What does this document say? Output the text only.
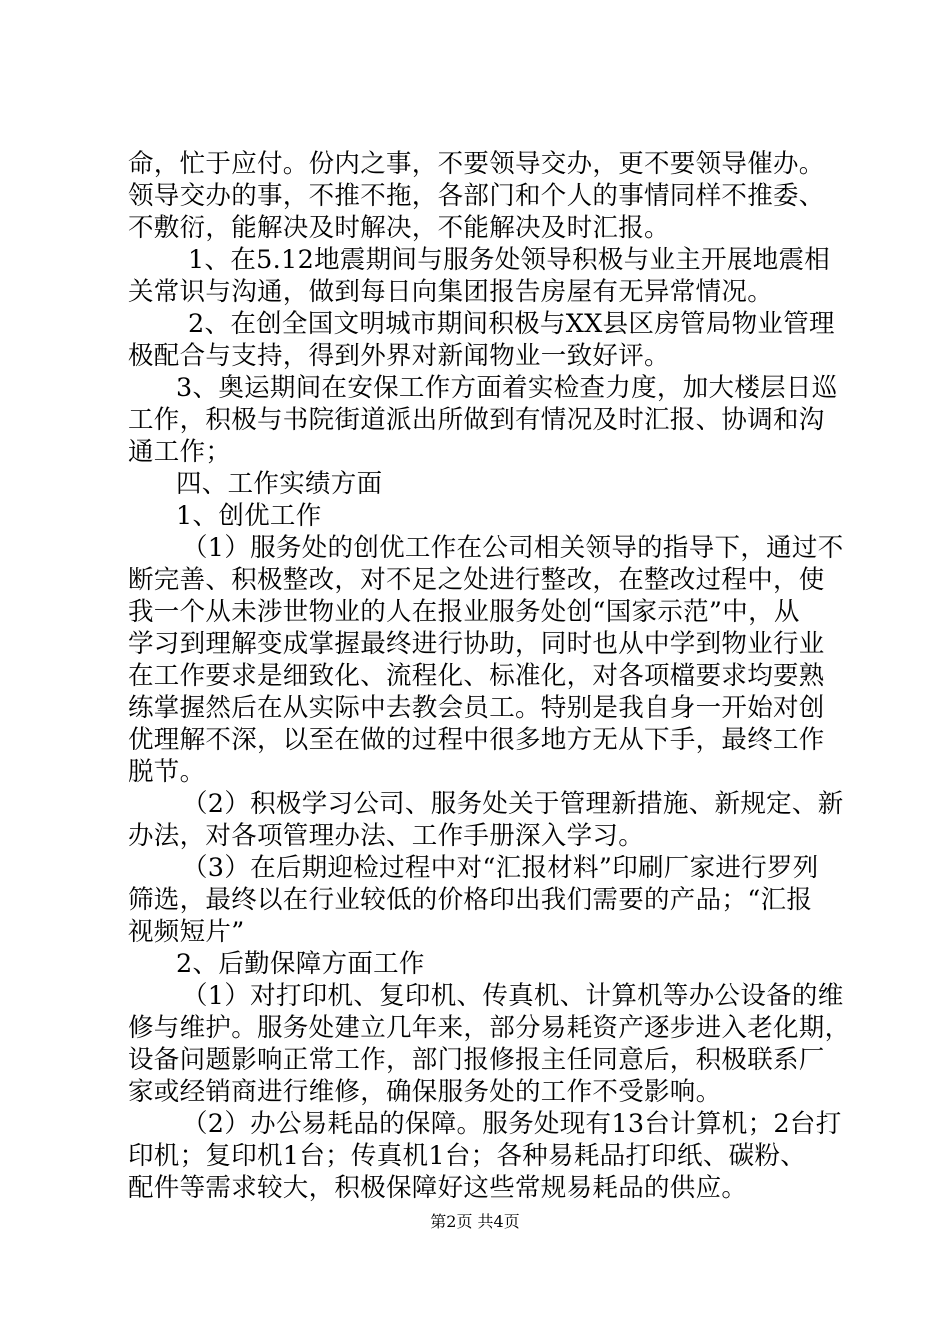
命，忙于应付。份内之事，不要领导交办，更不要领导催办。
领导交办的事，不推不拖，各部门和个人的事情同样不推委、
不敷衍，能解决及时解决，不能解决及时汇报。
1、在5.12地震期间与服务处领导积极与业主开展地震相
关常识与沟通，做到每日向集团报告房屋有无异常情况。
2、在创全国文明城市期间积极与XX县区房管局物业管理
极配合与支持，得到外界对新闻物业一致好评。
3、奥运期间在安保工作方面着实检查力度，加大楼层日巡
工作，积极与书院街道派出所做到有情况及时汇报、协调和沟
通工作；
四、工作实绩方面
1、创优工作
（1）服务处的创优工作在公司相关领导的指导下，通过不
断完善、积极整改，对不足之处进行整改，在整改过程中，使
我一个从未涉世物业的人在报业服务处创“国家示范”中，从
学习到理解变成掌握最终进行协助，同时也从中学到物业行业
在工作要求是细致化、流程化、标准化，对各项檔要求均要熟
练掌握然后在从实际中去教会员工。特别是我自身一开始对创
优理解不深，以至在做的过程中很多地方无从下手，最终工作
脱节。
（2）积极学习公司、服务处关于管理新措施、新规定、新
办法，对各项管理办法、工作手册深入学习。
（3）在后期迎检过程中对“汇报材料”印刷厂家进行罗列
筛选，最终以在行业较低的价格印出我们需要的产品；“汇报
视频短片”
2、后勤保障方面工作
（1）对打印机、复印机、传真机、计算机等办公设备的维
修与维护。服务处建立几年来，部分易耗资产逐步进入老化期，
设备问题影响正常工作，部门报修报主任同意后，积极联系厂
家或经销商进行维修，确保服务处的工作不受影响。
（2）办公易耗品的保障。服务处现有13台计算机；2台打
印机；复印机1台；传真机1台；各种易耗品打印纸、碳粉、
配件等需求较大，积极保障好这些常规易耗品的供应。
第2页 共4页
